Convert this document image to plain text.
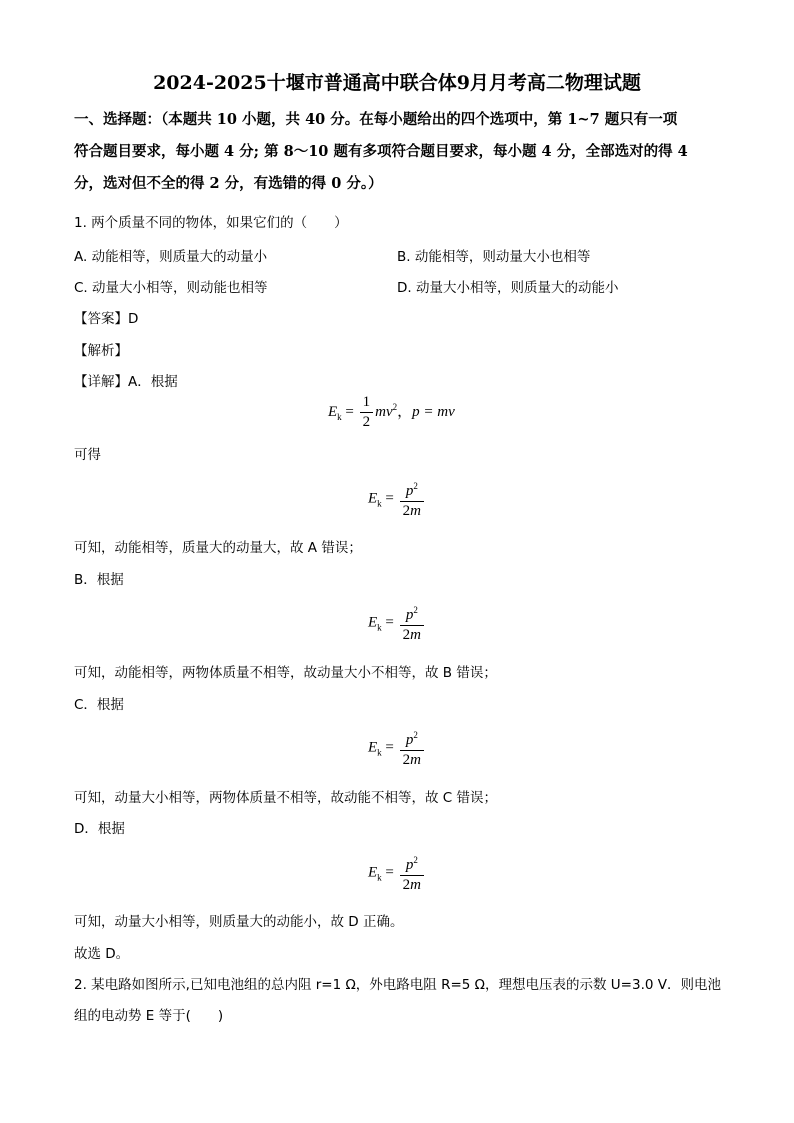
2024-2025十堰市普通高中联合体9月月考高二物理试题
一、选择题：（本题共 10 小题，共 40 分。在每小题给出的四个选项中，第 1~7 题只有一项
符合题目要求，每小题 4 分; 第 8～10 题有多项符合题目要求，每小题 4 分，全部选对的得 4
分，选对但不全的得 2 分，有选错的得 0 分。）
1. 两个质量不同的物体，如果它们的（　　）
A. 动能相等，则质量大的动量小	B. 动能相等，则动量大小也相等
C. 动量大小相等，则动能也相等	D. 动量大小相等，则质量大的动能小
【答案】D
【解析】
【详解】A．根据
$E_k = \frac{1}{2} mv^2$，p = mv
可得
$E_k = \frac{p^2}{2m}$
可知，动能相等，质量大的动量大，故 A 错误；
B．根据
$E_k = \frac{p^2}{2m}$
可知，动能相等，两物体质量不相等，故动量大小不相等，故 B 错误；
C．根据
$E_k = \frac{p^2}{2m}$
可知，动量大小相等，两物体质量不相等，故动能不相等，故 C 错误；
D．根据
$E_k = \frac{p^2}{2m}$
可知，动量大小相等，则质量大的动能小，故 D 正确。
故选 D。
2. 某电路如图所示,已知电池组的总内阻 r=1 Ω，外电路电阻 R=5 Ω，理想电压表的示数 U=3.0 V．则电池
组的电动势 E 等于(　　)
